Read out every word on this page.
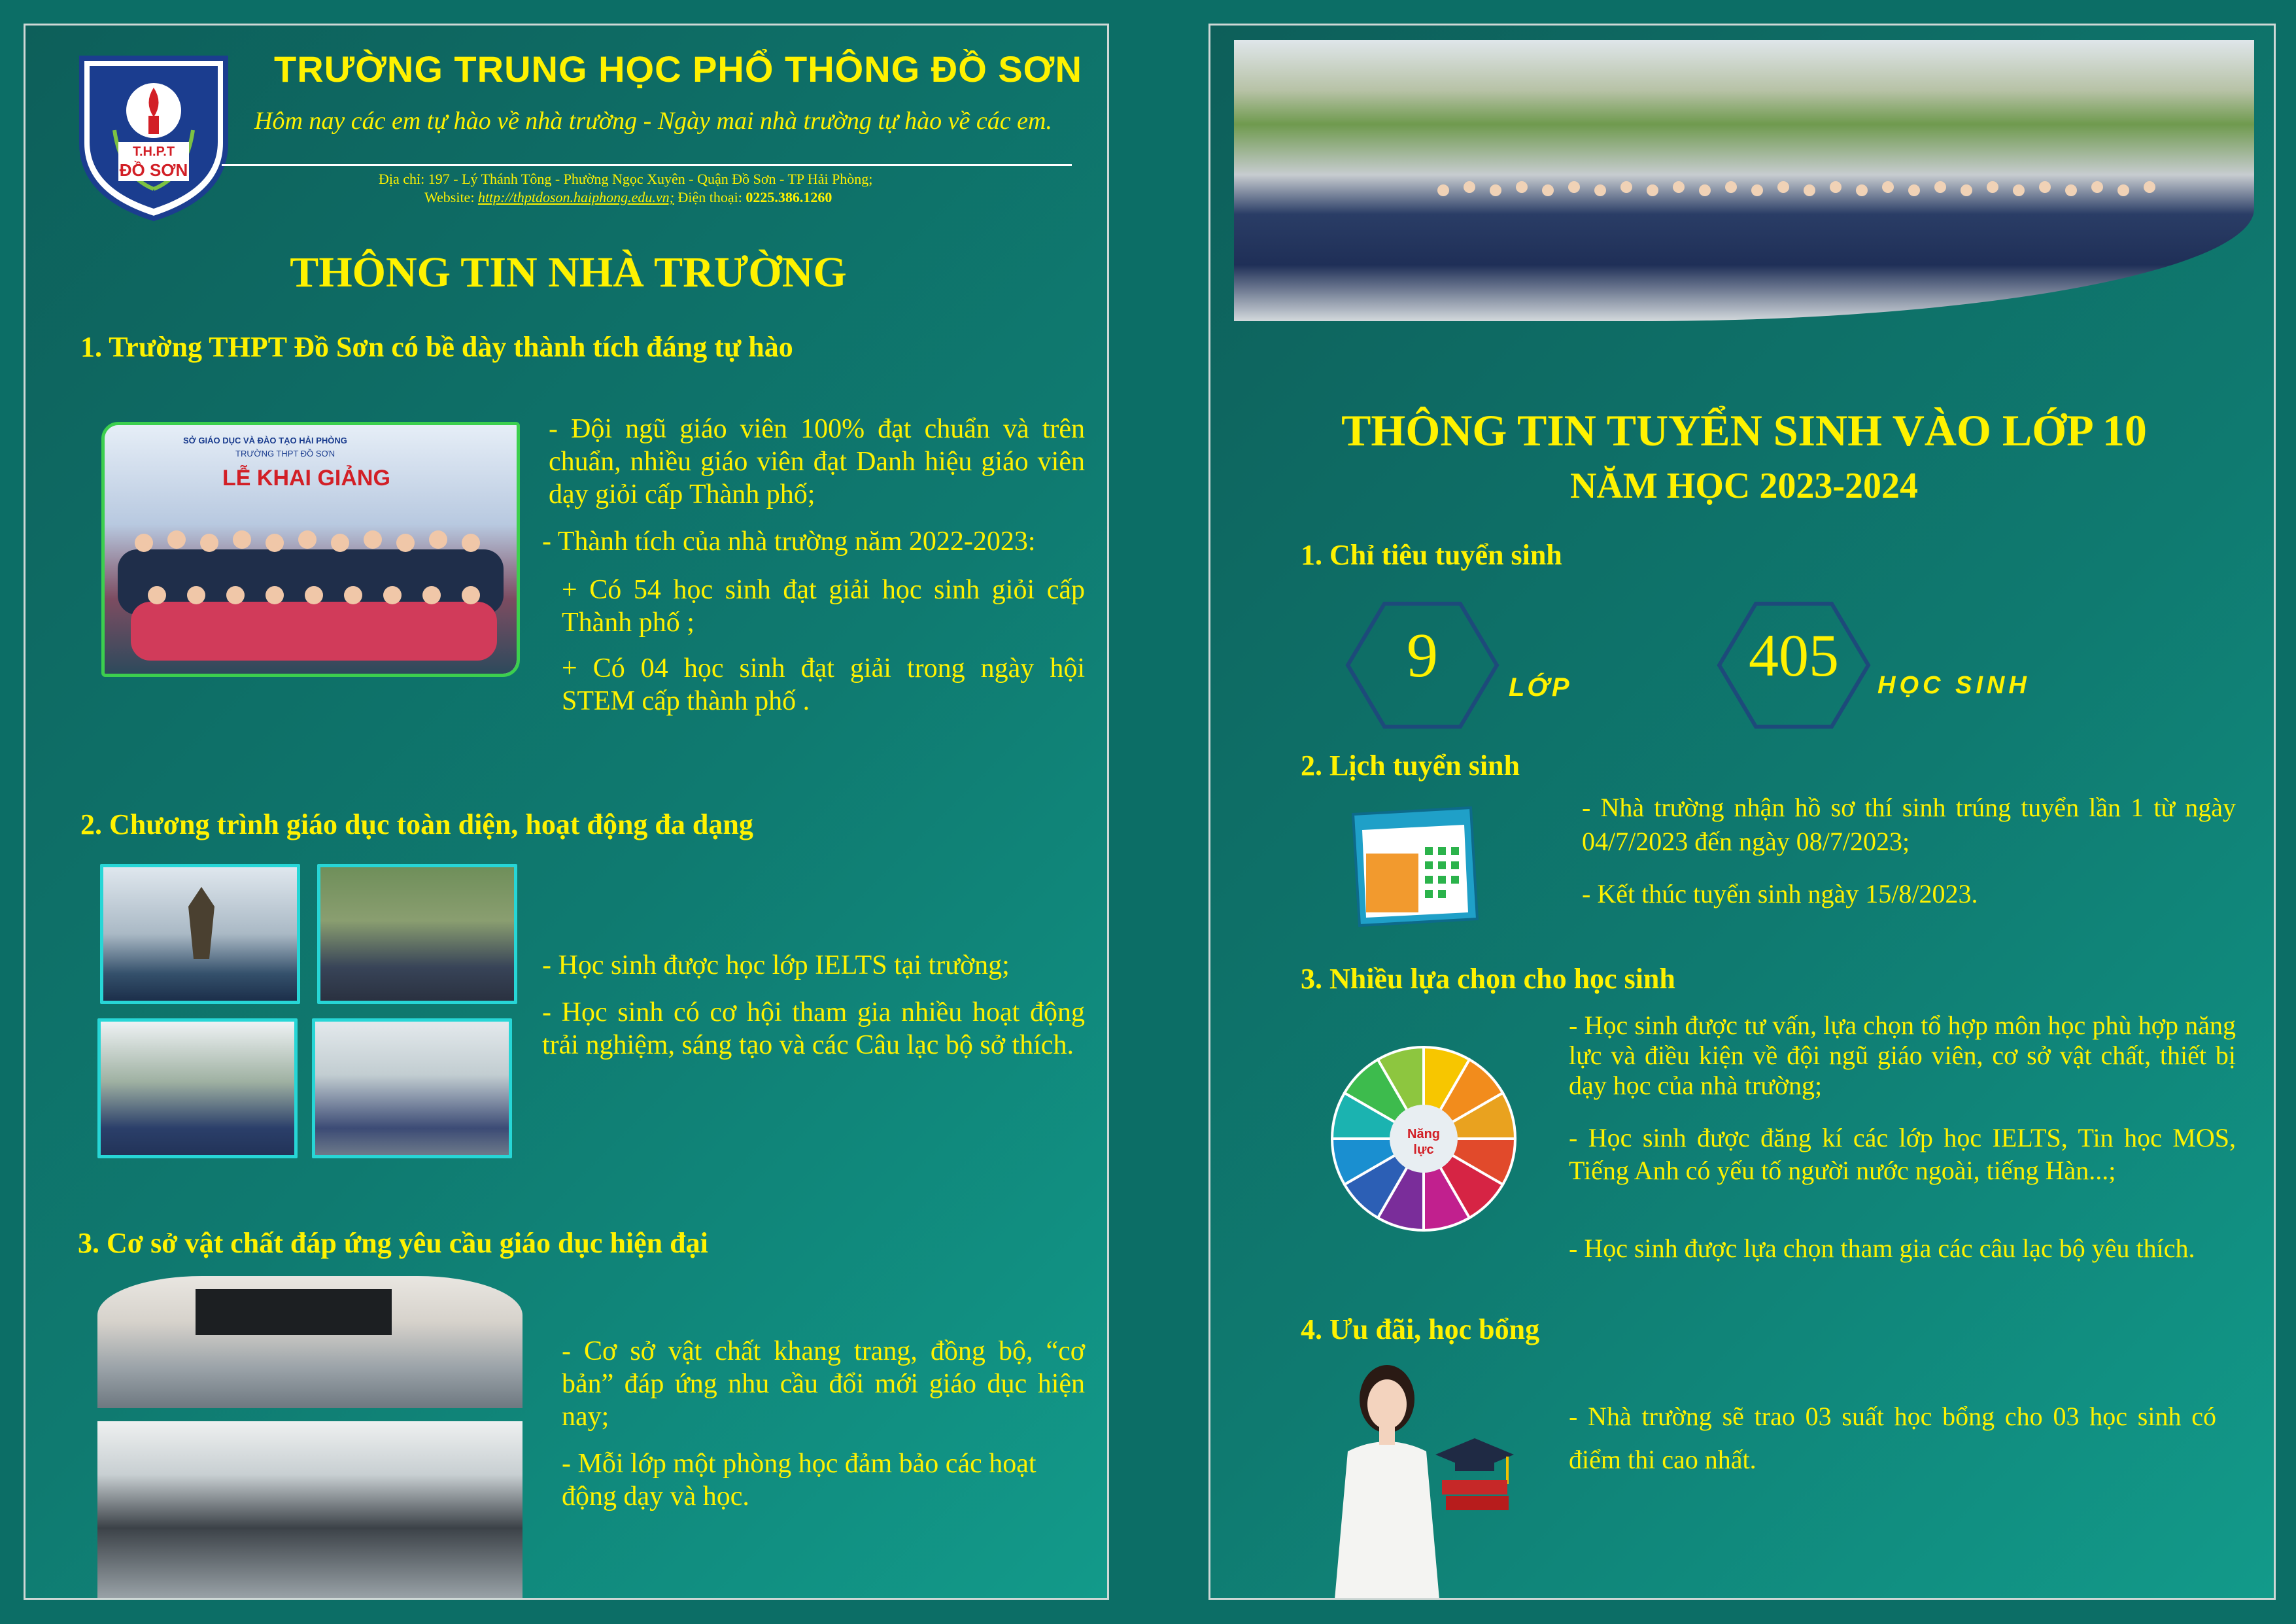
T.H.P.T
ĐỒ SƠN
TRƯỜNG TRUNG HỌC PHỔ THÔNG ĐỒ SƠN
Hôm nay các em tự hào về nhà trường - Ngày mai nhà trường tự hào về các em.
Địa chỉ: 197 - Lý Thánh Tông - Phường Ngọc Xuyên - Quận Đồ Sơn - TP Hải Phòng;
Website: http://thptdoson.haiphong.edu.vn; Điện thoại: 0225.386.1260
THÔNG TIN NHÀ TRƯỜNG
1. Trường THPT Đồ Sơn có bề dày thành tích đáng tự hào
SỞ GIÁO DỤC VÀ ĐÀO TẠO HẢI PHÒNG
TRƯỜNG THPT ĐỒ SƠN
LỄ KHAI GIẢNG
- Đội ngũ giáo viên 100% đạt chuẩn và trên chuẩn, nhiều giáo viên đạt Danh hiệu giáo viên dạy giỏi cấp Thành phố;
- Thành tích của nhà trường năm 2022-2023:
+ Có 54 học sinh đạt giải học sinh giỏi cấp Thành phố ;
+ Có 04 học sinh đạt giải trong ngày hội STEM cấp thành phố .
2. Chương trình giáo dục toàn diện, hoạt động đa dạng
- Học sinh được học lớp IELTS tại trường;
- Học sinh có cơ hội tham gia nhiều hoạt động trải nghiệm, sáng tạo và các Câu lạc bộ sở thích.
3. Cơ sở vật chất đáp ứng yêu cầu giáo dục hiện đại
- Cơ sở vật chất khang trang, đồng bộ, “cơ bản” đáp ứng nhu cầu đổi mới giáo dục hiện nay;
- Mỗi lớp một phòng học đảm bảo các hoạt động dạy và học.
THÔNG TIN TUYỂN SINH VÀO LỚP 10
NĂM HỌC 2023-2024
1. Chỉ tiêu tuyển sinh
9	LỚP	405	HỌC SINH
2. Lịch tuyển sinh
- Nhà trường nhận hồ sơ thí sinh trúng tuyển lần 1 từ ngày 04/7/2023 đến ngày 08/7/2023;
- Kết thúc tuyển sinh ngày 15/8/2023.
3. Nhiều lựa chọn cho học sinh
Năng
lực
- Học sinh được tư vấn, lựa chọn tổ hợp môn học phù hợp năng lực và điều kiện về đội ngũ giáo viên, cơ sở vật chất, thiết bị dạy học của nhà trường;
- Học sinh được đăng kí các lớp học IELTS, Tin học MOS, Tiếng Anh có yếu tố người nước ngoài, tiếng Hàn...;
- Học sinh được lựa chọn tham gia các câu lạc bộ yêu thích.
4. Ưu đãi, học bổng
- Nhà trường sẽ trao 03 suất học bổng cho 03 học sinh có điểm thi cao nhất.
